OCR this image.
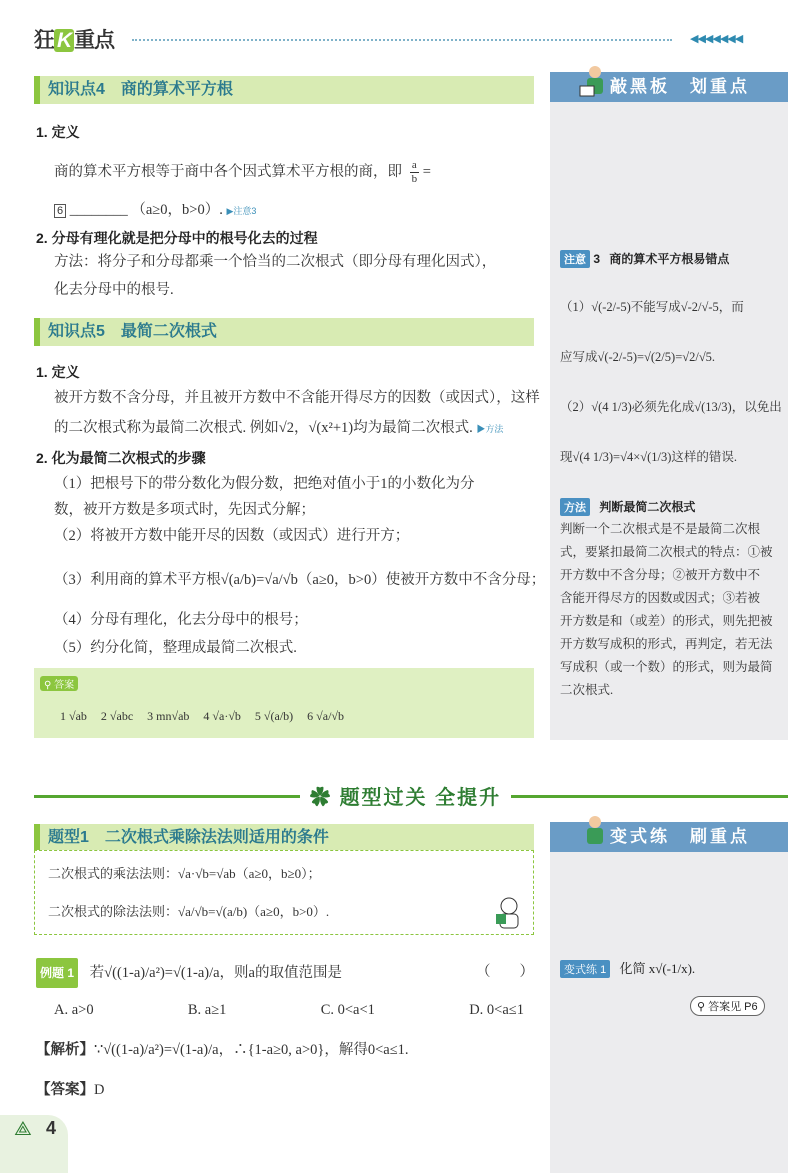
狂 K 重点	◀◀◀◀◀◀◀
知识点4　商的算术平方根
1. 定义
商的算术平方根等于商中各个因式算术平方根的商，即 $\frac{a}{b}$ =
6 ________ （a≥0，b>0）. ▶注意3
2. 分母有理化就是把分母中的根号化去的过程
方法：将分子和分母都乘一个恰当的二次根式（即分母有理化因式），
化去分母中的根号.
知识点5　最简二次根式
1. 定义
被开方数不含分母，并且被开方数中不含能开得尽方的因数（或因式），这样
的二次根式称为最简二次根式. 例如√2，√(x²+1)均为最简二次根式. ▶方法
2. 化为最简二次根式的步骤
（1）把根号下的带分数化为假分数，把绝对值小于1的小数化为分
数，被开方数是多项式时，先因式分解；
（2）将被开方数中能开尽的因数（或因式）进行开方；
（3）利用商的算术平方根√(a/b)=√a/√b（a≥0，b>0）使被开方数中不含分母；
（4）分母有理化，化去分母中的根号；
（5）约分化简，整理成最简二次根式.
⚲ 答案
1 √ab 2 √abc 3 mn√ab 4 √a·√b 5 √(a/b) 6 √a/√b
敲黑板　划重点
注意 3 商的算术平方根易错点
（1）√(-2/-5)不能写成√-2/√-5，而
应写成√(-2/-5)=√(2/5)=√2/√5.
（2）√(4 1/3)必须先化成√(13/3)，以免出
现√(4 1/3)=√4×√(1/3)这样的错误.
方法 判断最简二次根式
判断一个二次根式是不是最简二次根
式，要紧扣最简二次根式的特点：①被
开方数中不含分母；②被开方数中不
含能开得尽方的因数或因式；③若被
开方数是和（或差）的形式，则先把被
开方数写成积的形式，再判定，若无法
写成积（或一个数）的形式，则为最简
二次根式.
✿ 题型过关 全提升
题型1　二次根式乘除法法则适用的条件
二次根式的乘法法则：√a·√b=√ab（a≥0，b≥0）；
二次根式的除法法则：√a/√b=√(a/b)（a≥0，b>0）.
变式练　刷重点
变式练 1 化简 x√(-1/x).
⚲ 答案见 P6
例题 1 若√((1-a)/a²)=√(1-a)/a，则a的取值范围是	（　　）
A. a>0	B. a≥1	C. 0<a<1	D. 0<a≤1
【解析】∵√((1-a)/a²)=√(1-a)/a，∴{1-a≥0, a>0}，解得0<a≤1.
【答案】D
⟁ 4
